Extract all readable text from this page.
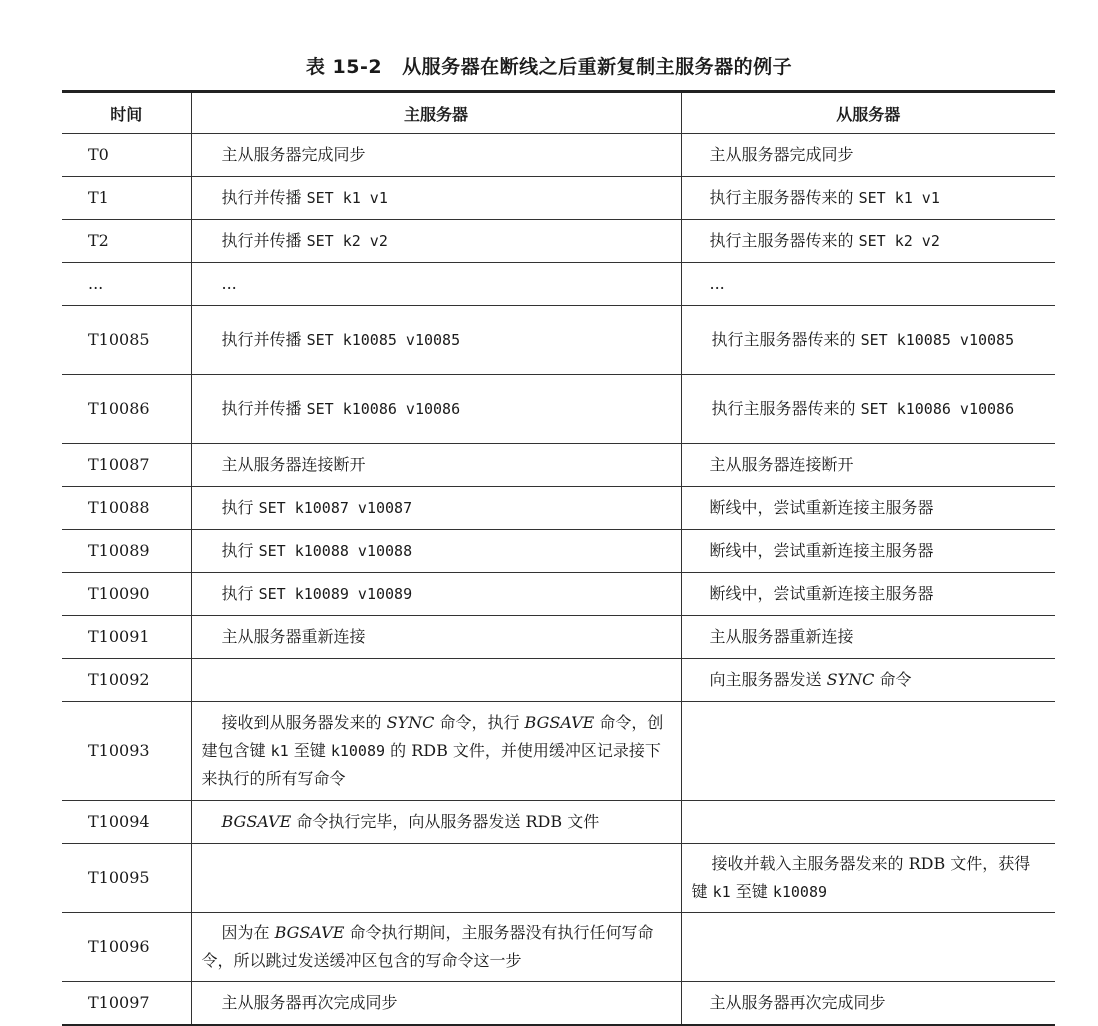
表 15-2 从服务器在断线之后重新复制主服务器的例子
时间	主服务器	从服务器
T0	主从服务器完成同步	主从服务器完成同步
T1	执行并传播 SET k1 v1	执行主服务器传来的 SET k1 v1
T2	执行并传播 SET k2 v2	执行主服务器传来的 SET k2 v2
...	...	...
T10085	执行并传播 SET k10085 v10085	执行主服务器传来的 SET k10085 v10085
T10086	执行并传播 SET k10086 v10086	执行主服务器传来的 SET k10086 v10086
T10087	主从服务器连接断开	主从服务器连接断开
T10088	执行 SET k10087 v10087	断线中，尝试重新连接主服务器
T10089	执行 SET k10088 v10088	断线中，尝试重新连接主服务器
T10090	执行 SET k10089 v10089	断线中，尝试重新连接主服务器
T10091	主从服务器重新连接	主从服务器重新连接
T10092		向主服务器发送 SYNC 命令
T10093	接收到从服务器发来的 SYNC 命令，执行 BGSAVE 命令，创建包含键 k1 至键 k10089 的 RDB 文件，并使用缓冲区记录接下来执行的所有写命令	
T10094	BGSAVE 命令执行完毕，向从服务器发送 RDB 文件	
T10095		接收并载入主服务器发来的 RDB 文件，获得键 k1 至键 k10089
T10096	因为在 BGSAVE 命令执行期间，主服务器没有执行任何写命令，所以跳过发送缓冲区包含的写命令这一步	
T10097	主从服务器再次完成同步	主从服务器再次完成同步
